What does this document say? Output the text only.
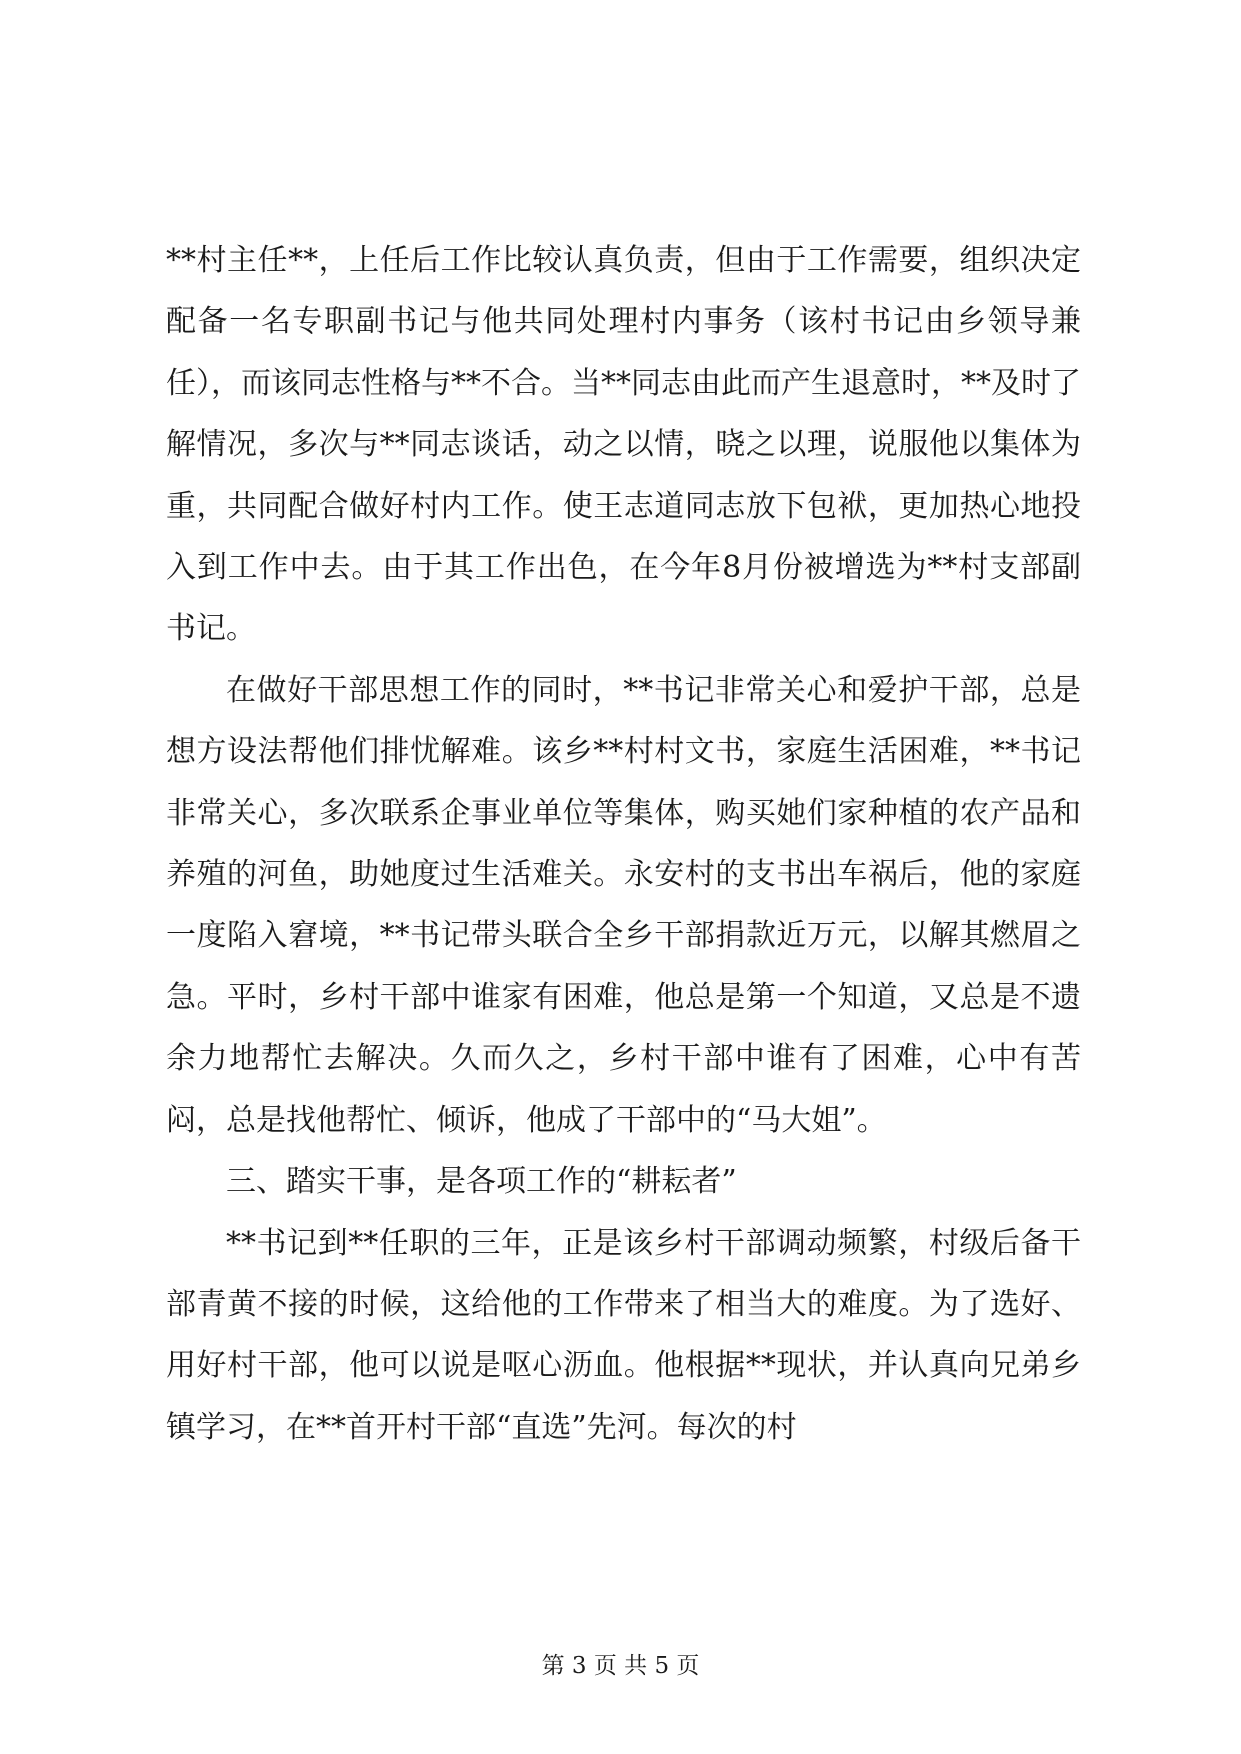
**村主任**，上任后工作比较认真负责，但由于工作需要，组织决定配备一名专职副书记与他共同处理村内事务（该村书记由乡领导兼任），而该同志性格与**不合。当**同志由此而产生退意时，**及时了解情况，多次与**同志谈话，动之以情，晓之以理，说服他以集体为重，共同配合做好村内工作。使王志道同志放下包袱，更加热心地投入到工作中去。由于其工作出色，在今年8月份被增选为**村支部副书记。

在做好干部思想工作的同时，**书记非常关心和爱护干部，总是想方设法帮他们排忧解难。该乡**村村文书，家庭生活困难，**书记非常关心，多次联系企事业单位等集体，购买她们家种植的农产品和养殖的河鱼，助她度过生活难关。永安村的支书出车祸后，他的家庭一度陷入窘境，**书记带头联合全乡干部捐款近万元，以解其燃眉之急。平时，乡村干部中谁家有困难，他总是第一个知道，又总是不遗余力地帮忙去解决。久而久之，乡村干部中谁有了困难，心中有苦闷，总是找他帮忙、倾诉，他成了干部中的“马大姐”。

三、踏实干事，是各项工作的“耕耘者”

**书记到**任职的三年，正是该乡村干部调动频繁，村级后备干部青黄不接的时候，这给他的工作带来了相当大的难度。为了选好、用好村干部，他可以说是呕心沥血。他根据**现状，并认真向兄弟乡镇学习，在**首开村干部“直选”先河。每次的村

第 3 页 共 5 页
